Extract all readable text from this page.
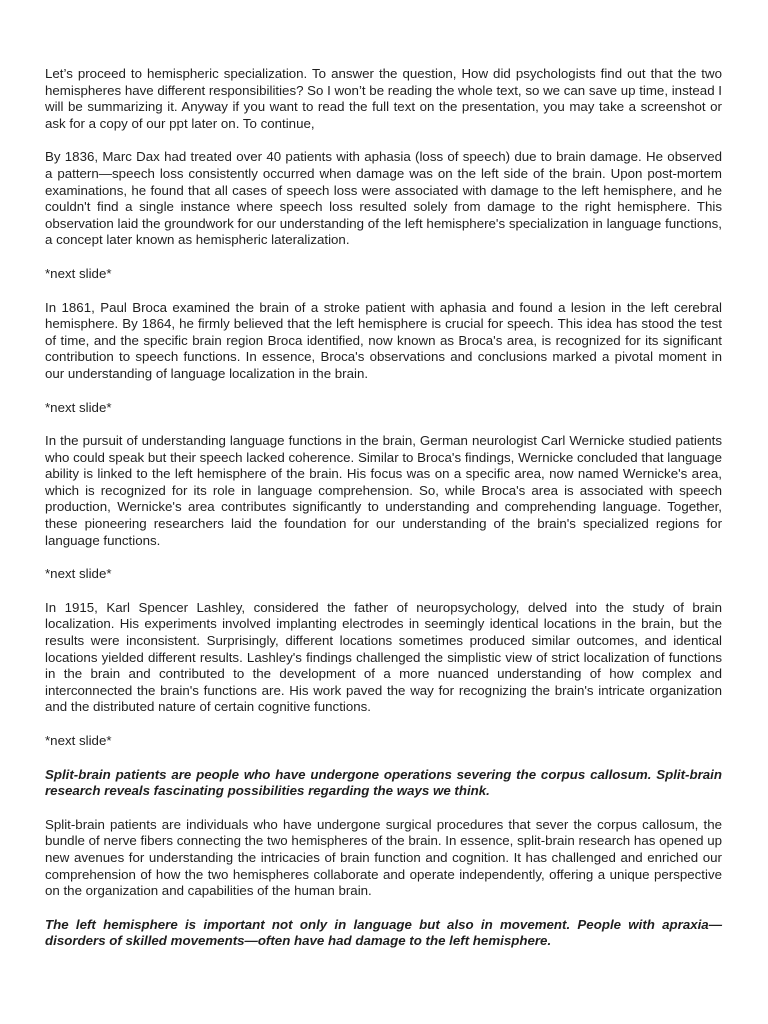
Let’s proceed to hemispheric specialization. To answer the question, How did psychologists find out that the two hemispheres have different responsibilities? So I won’t be reading the whole text, so we can save up time, instead I will be summarizing it. Anyway if you want to read the full text on the presentation, you may take a screenshot or ask for a copy of our ppt later on. To continue,

By 1836, Marc Dax had treated over 40 patients with aphasia (loss of speech) due to brain damage. He observed a pattern—speech loss consistently occurred when damage was on the left side of the brain. Upon post-mortem examinations, he found that all cases of speech loss were associated with damage to the left hemisphere, and he couldn't find a single instance where speech loss resulted solely from damage to the right hemisphere. This observation laid the groundwork for our understanding of the left hemisphere's specialization in language functions, a concept later known as hemispheric lateralization.

*next slide*

In 1861, Paul Broca examined the brain of a stroke patient with aphasia and found a lesion in the left cerebral hemisphere. By 1864, he firmly believed that the left hemisphere is crucial for speech. This idea has stood the test of time, and the specific brain region Broca identified, now known as Broca's area, is recognized for its significant contribution to speech functions. In essence, Broca's observations and conclusions marked a pivotal moment in our understanding of language localization in the brain.

*next slide*

In the pursuit of understanding language functions in the brain, German neurologist Carl Wernicke studied patients who could speak but their speech lacked coherence. Similar to Broca's findings, Wernicke concluded that language ability is linked to the left hemisphere of the brain. His focus was on a specific area, now named Wernicke's area, which is recognized for its role in language comprehension. So, while Broca's area is associated with speech production, Wernicke's area contributes significantly to understanding and comprehending language. Together, these pioneering researchers laid the foundation for our understanding of the brain's specialized regions for language functions.

*next slide*

In 1915, Karl Spencer Lashley, considered the father of neuropsychology, delved into the study of brain localization. His experiments involved implanting electrodes in seemingly identical locations in the brain, but the results were inconsistent. Surprisingly, different locations sometimes produced similar outcomes, and identical locations yielded different results. Lashley's findings challenged the simplistic view of strict localization of functions in the brain and contributed to the development of a more nuanced understanding of how complex and interconnected the brain's functions are. His work paved the way for recognizing the brain's intricate organization and the distributed nature of certain cognitive functions.

*next slide*

Split-brain patients are people who have undergone operations severing the corpus callosum. Split-brain research reveals fascinating possibilities regarding the ways we think.

Split-brain patients are individuals who have undergone surgical procedures that sever the corpus callosum, the bundle of nerve fibers connecting the two hemispheres of the brain. In essence, split-brain research has opened up new avenues for understanding the intricacies of brain function and cognition. It has challenged and enriched our comprehension of how the two hemispheres collaborate and operate independently, offering a unique perspective on the organization and capabilities of the human brain.

The left hemisphere is important not only in language but also in movement. People with apraxia—disorders of skilled movements—often have had damage to the left hemisphere.
